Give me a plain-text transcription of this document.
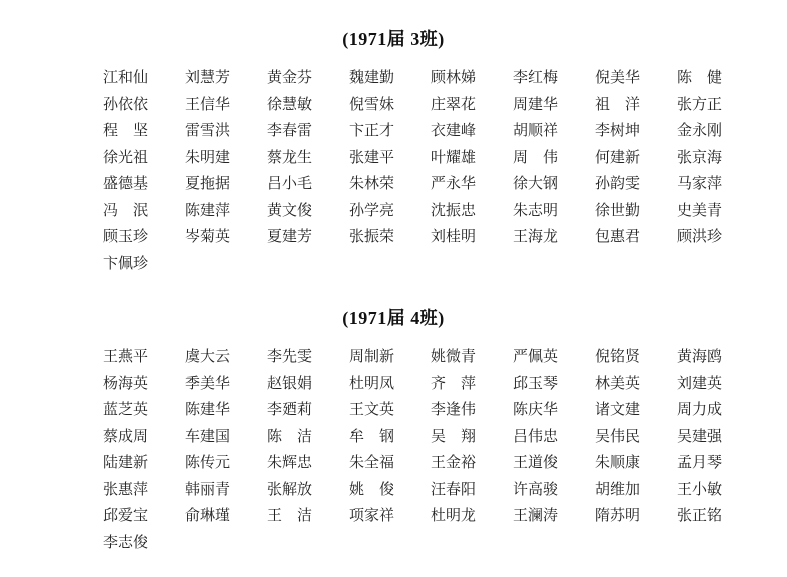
(1971届 3班)
江和仙 刘慧芳 黄金芬 魏建勤 顾林娣 李红梅 倪美华 陈　健
孙依依 王信华 徐慧敏 倪雪妹 庄翠花 周建华 祖　洋 张方正
程　坚 雷雪洪 李春雷 卞正才 衣建峰 胡顺祥 李树坤 金永刚
徐光祖 朱明建 蔡龙生 张建平 叶耀雄 周　伟 何建新 张京海
盛德基 夏拖据 吕小毛 朱林荣 严永华 徐大钢 孙韵雯 马家萍
冯　泯 陈建萍 黄文俊 孙学亮 沈振忠 朱志明 徐世勤 史美青
顾玉珍 岑菊英 夏建芳 张振荣 刘桂明 王海龙 包惠君 顾洪珍
卞佩珍
(1971届 4班)
王燕平 虞大云 李先雯 周制新 姚微青 严佩英 倪铭贤 黄海鸥
杨海英 季美华 赵银娟 杜明凤 齐　萍 邱玉琴 林美英 刘建英
蓝芝英 陈建华 李廼莉 王文英 李逢伟 陈庆华 诸文建 周力成
蔡成周 车建国 陈　洁 牟　钢 吴　翔 吕伟忠 吴伟民 吴建强
陆建新 陈传元 朱辉忠 朱全福 王金裕 王道俊 朱顺康 孟月琴
张惠萍 韩丽青 张解放 姚　俊 汪春阳 许高骏 胡维加 王小敏
邱爱宝 俞琳瑾 王　洁 项家祥 杜明龙 王澜涛 隋苏明 张正铭
李志俊
